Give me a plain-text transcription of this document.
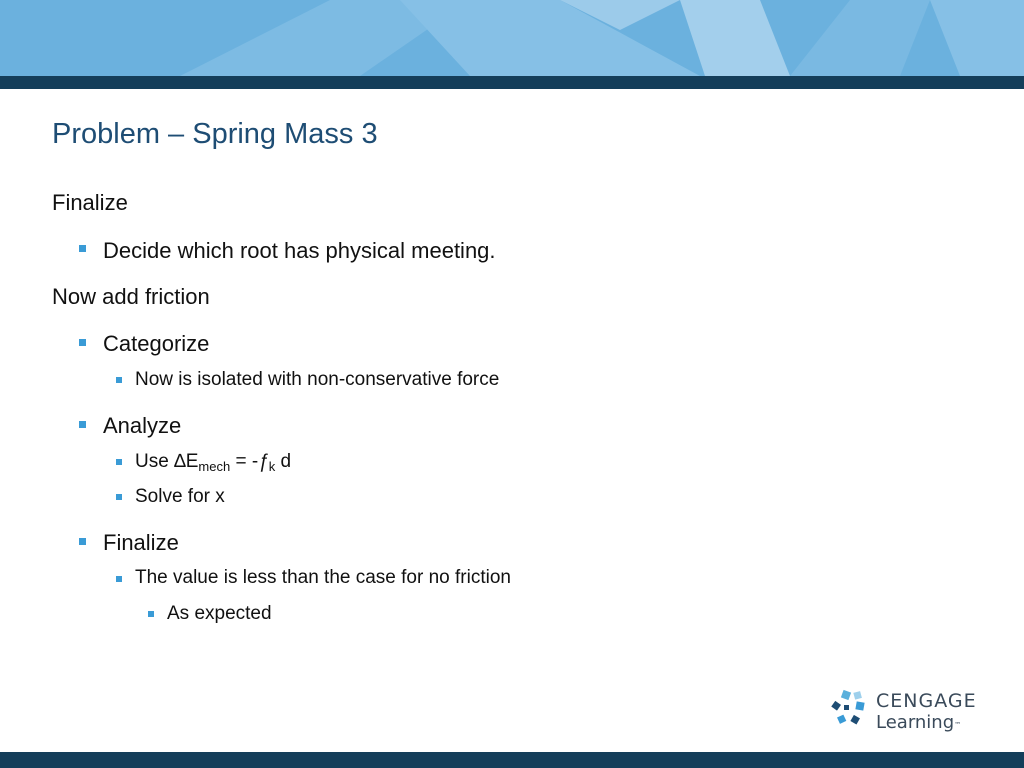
Problem – Spring Mass 3
Finalize
Decide which root has physical meeting.
Now add friction
Categorize
Now is isolated with non-conservative force
Analyze
Use $\Delta E_{mech}$ = $-ƒ_k$ d
Solve for x
Finalize
The value is less than the case for no friction
As expected
CENGAGE
Learning™
